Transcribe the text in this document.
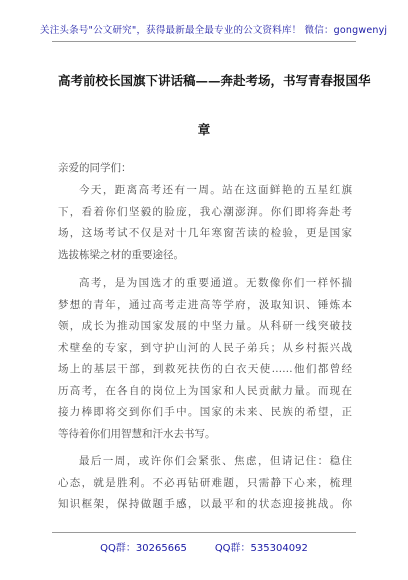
关注头条号"公文研究"，获得最新最全最专业的公文资料库！ 微信：gongwenyj
高考前校长国旗下讲话稿——奔赴考场，书写青春报国华
章
亲爱的同学们：
今天，距离高考还有一周。站在这面鲜艳的五星红旗
下，看着你们坚毅的脸庞，我心潮澎湃。你们即将奔赴考
场，这场考试不仅是对十几年寒窗苦读的检验，更是国家
选拔栋梁之材的重要途径。
高考，是为国选才的重要通道。无数像你们一样怀揣
梦想的青年，通过高考走进高等学府，汲取知识、锤炼本
领，成长为推动国家发展的中坚力量。从科研一线突破技
术壁垒的专家，到守护山河的人民子弟兵；从乡村振兴战
场上的基层干部，到救死扶伤的白衣天使……他们都曾经
历高考，在各自的岗位上为国家和人民贡献力量。而现在
接力棒即将交到你们手中。国家的未来、民族的希望，正
等待着你们用智慧和汗水去书写。
最后一周，或许你们会紧张、焦虑，但请记住：稳住
心态，就是胜利。不必再钻研难题，只需静下心来，梳理
知识框架，保持做题手感，以最平和的状态迎接挑战。你
QQ群：30265665	QQ群：535304092
